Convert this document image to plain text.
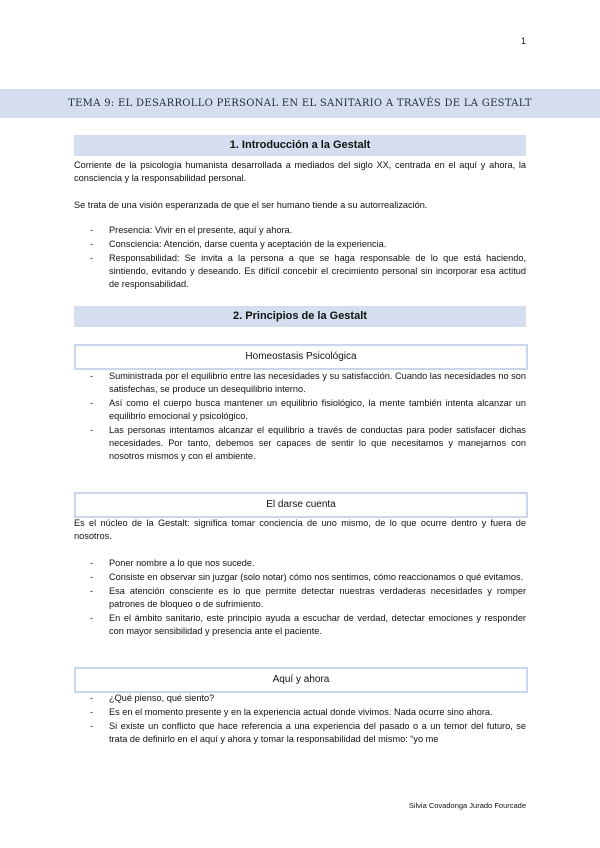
1
TEMA 9: EL DESARROLLO PERSONAL EN EL SANITARIO A TRAVÉS DE LA GESTALT
1. Introducción a la Gestalt

Corriente de la psicología humanista desarrollada a mediados del siglo XX, centrada en el aquí y ahora, la consciencia y la responsabilidad personal.

Se trata de una visión esperanzada de que el ser humano tiende a su autorrealización.

- Presencia: Vivir en el presente, aquí y ahora.
- Consciencia: Atención, darse cuenta y aceptación de la experiencia.
- Responsabilidad: Se invita a la persona a que se haga responsable de lo que está haciendo, sintiendo, evitando y deseando. Es difícil concebir el crecimiento personal sin incorporar esa actitud de responsabilidad.
2. Principios de la Gestalt
Homeostasis Psicológica
- Suministrada por el equilibrio entre las necesidades y su satisfacción. Cuando las necesidades no son satisfechas, se produce un desequilibrio interno.
- Así como el cuerpo busca mantener un equilibrio fisiológico, la mente también intenta alcanzar un equilibrio emocional y psicológico.
- Las personas intentamos alcanzar el equilibrio a través de conductas para poder satisfacer dichas necesidades. Por tanto, debemos ser capaces de sentir lo que necesitamos y manejarnos con nosotros mismos y con el ambiente.
El darse cuenta

Es el núcleo de la Gestalt: significa tomar conciencia de uno mismo, de lo que ocurre dentro y fuera de nosotros.

- Poner nombre a lo que nos sucede.
- Consiste en observar sin juzgar (solo notar) cómo nos sentimos, cómo reaccionamos o qué evitamos.
- Esa atención consciente es lo que permite detectar nuestras verdaderas necesidades y romper patrones de bloqueo o de sufrimiento.
- En el ámbito sanitario, este principio ayuda a escuchar de verdad, detectar emociones y responder con mayor sensibilidad y presencia ante el paciente.
Aquí y ahora
- ¿Qué pienso, qué siento?
- Es en el momento presente y en la experiencia actual donde vivimos. Nada ocurre sino ahora.
- Si existe un conflicto que hace referencia a una experiencia del pasado o a un temor del futuro, se trata de definirlo en el aquí y ahora y tomar la responsabilidad del mismo: “yo me
Silvia Covadonga Jurado Fourcade
